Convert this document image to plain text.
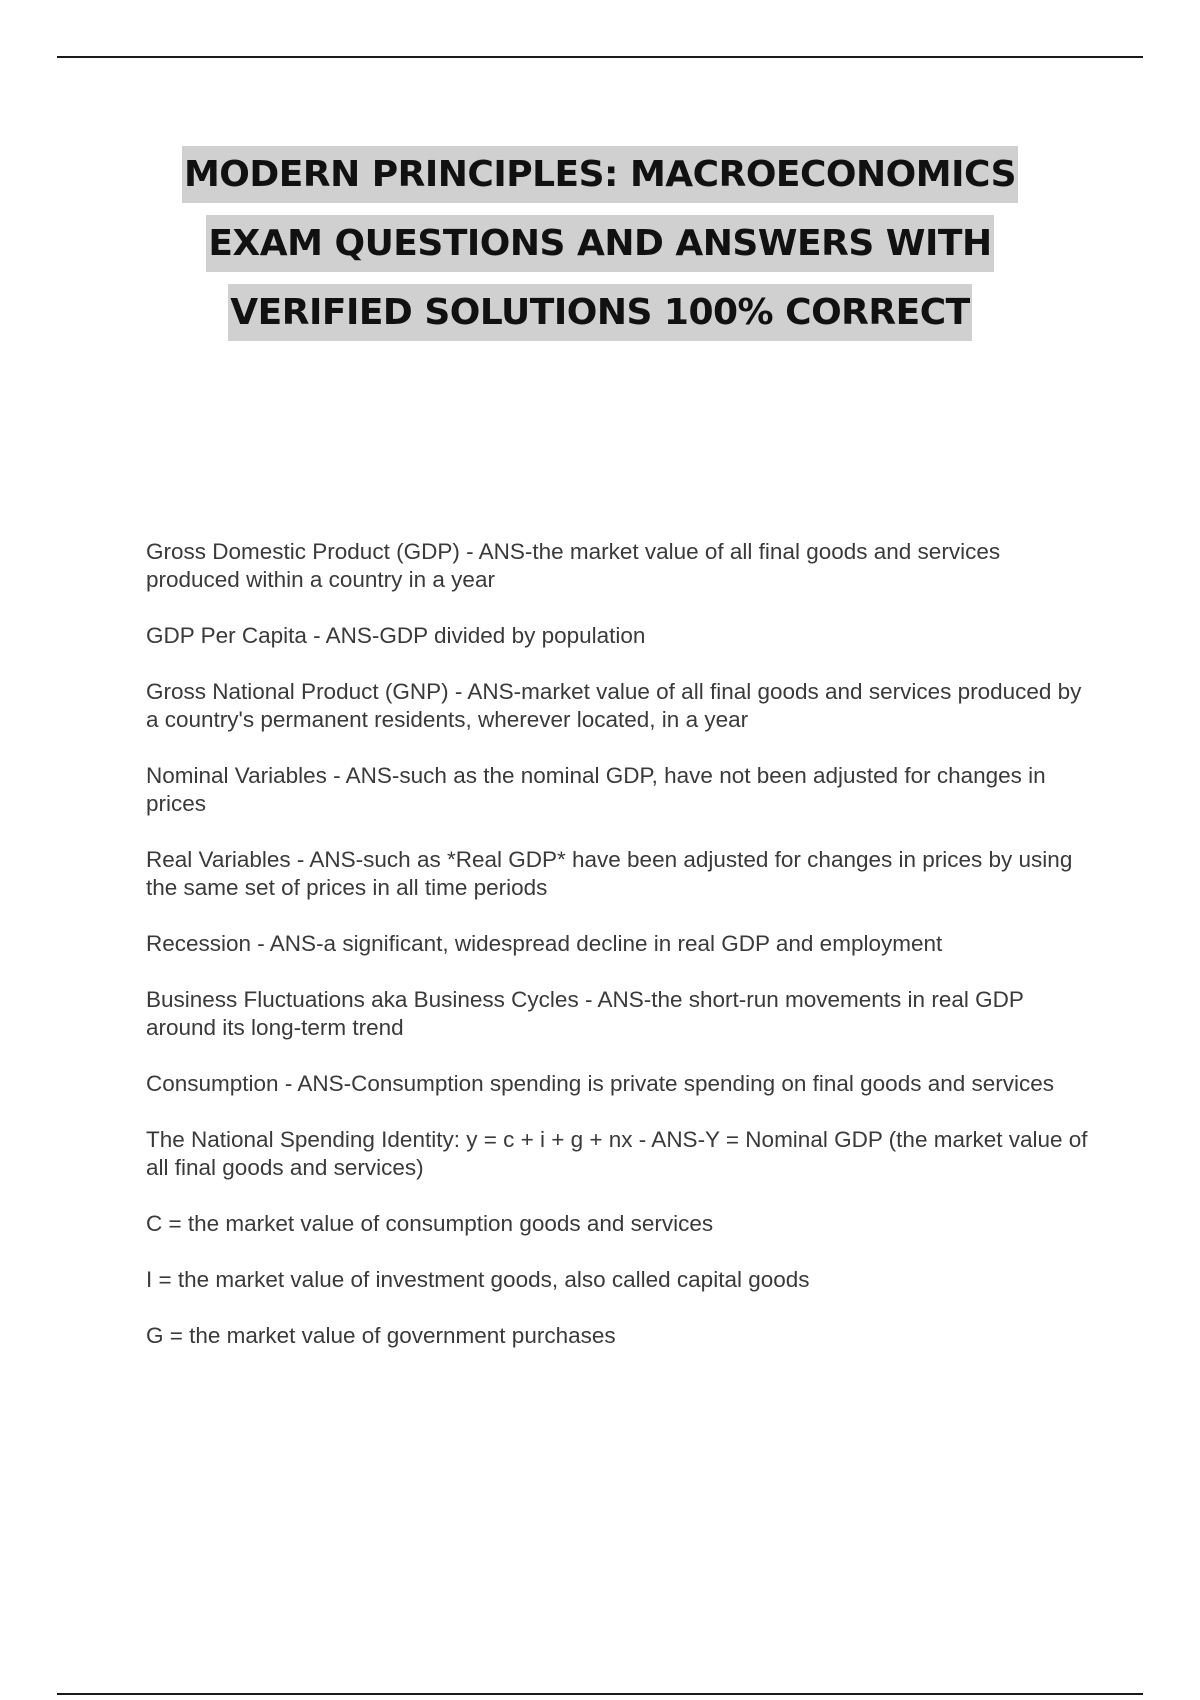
MODERN PRINCIPLES: MACROECONOMICS
EXAM QUESTIONS AND ANSWERS WITH
VERIFIED SOLUTIONS 100% CORRECT

Gross Domestic Product (GDP) - ANS-the market value of all final goods and services produced within a country in a year

GDP Per Capita - ANS-GDP divided by population

Gross National Product (GNP) - ANS-market value of all final goods and services produced by a country's permanent residents, wherever located, in a year

Nominal Variables - ANS-such as the nominal GDP, have not been adjusted for changes in prices

Real Variables - ANS-such as *Real GDP* have been adjusted for changes in prices by using the same set of prices in all time periods

Recession - ANS-a significant, widespread decline in real GDP and employment

Business Fluctuations aka Business Cycles - ANS-the short-run movements in real GDP around its long-term trend

Consumption - ANS-Consumption spending is private spending on final goods and services

The National Spending Identity: y = c + i + g + nx - ANS-Y = Nominal GDP (the market value of all final goods and services)

C = the market value of consumption goods and services

I = the market value of investment goods, also called capital goods

G = the market value of government purchases
